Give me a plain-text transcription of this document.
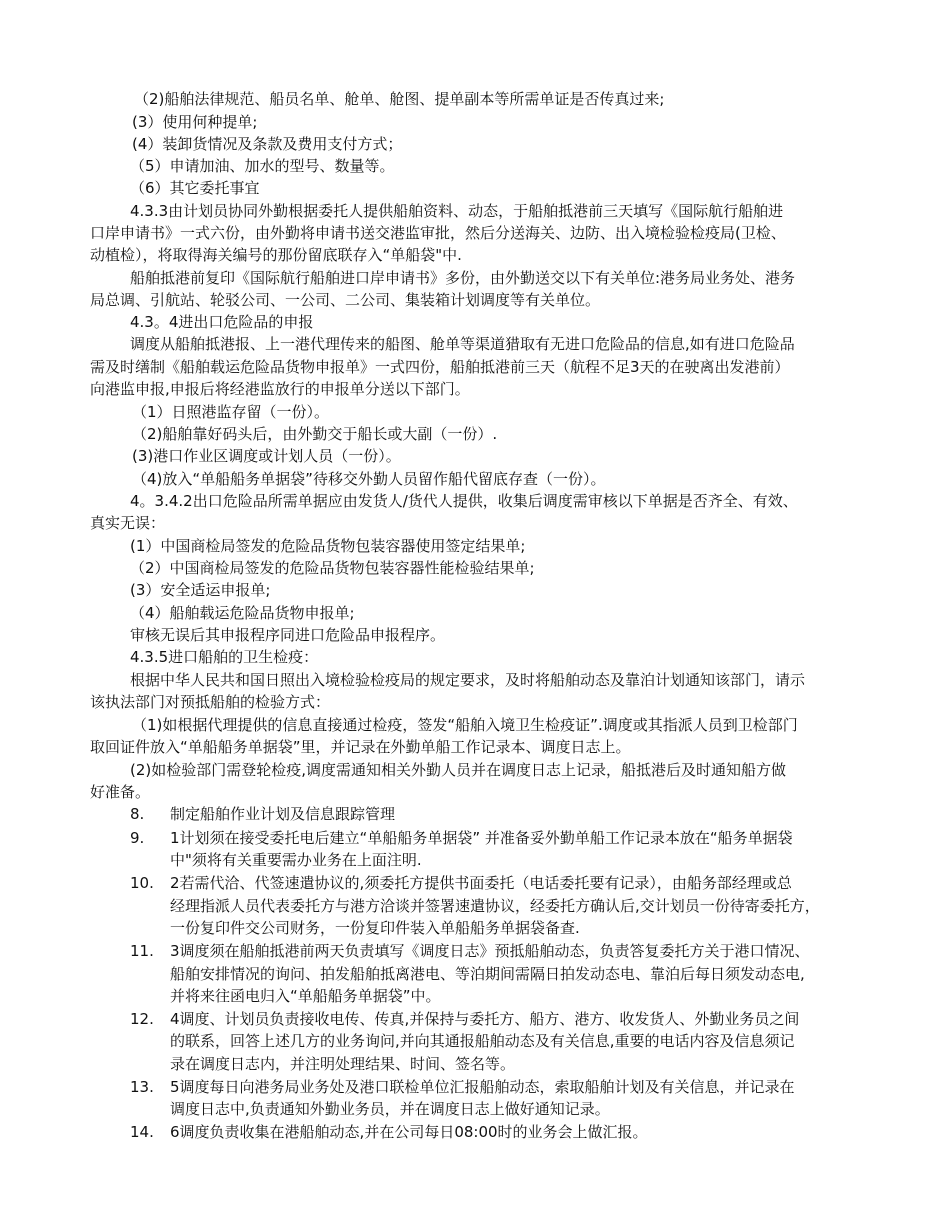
（2)船舶法律规范、船员名单、舱单、舱图、提单副本等所需单证是否传真过来;
(3）使用何种提单;
(4）装卸货情况及条款及费用支付方式；
（5）申请加油、加水的型号、数量等。
（6）其它委托事宜
4.3.3由计划员协同外勤根据委托人提供船舶资料、动态，于船舶抵港前三天填写《国际航行船舶进
口岸申请书》一式六份，由外勤将申请书送交港监审批，然后分送海关、边防、出入境检验检疫局(卫检、
动植检），将取得海关编号的那份留底联存入“单船袋"中.
船舶抵港前复印《国际航行船舶进口岸申请书》多份，由外勤送交以下有关单位:港务局业务处、港务
局总调、引航站、轮驳公司、一公司、二公司、集装箱计划调度等有关单位。
4.3。4进出口危险品的申报
调度从船舶抵港报、上一港代理传来的船图、舱单等渠道猎取有无进口危险品的信息,如有进口危险品
需及时缮制《船舶载运危险品货物申报单》一式四份，船舶抵港前三天（航程不足3天的在驶离出发港前）
向港监申报,申报后将经港监放行的申报单分送以下部门。
（1）日照港监存留（一份）。
（2)船舶靠好码头后，由外勤交于船长或大副（一份）.
(3)港口作业区调度或计划人员（一份）。
（4)放入“单船船务单据袋”待移交外勤人员留作船代留底存查（一份）。
4。3.4.2出口危险品所需单据应由发货人/货代人提供，收集后调度需审核以下单据是否齐全、有效、
真实无误：
(1）中国商检局签发的危险品货物包装容器使用签定结果单;
（2）中国商检局签发的危险品货物包装容器性能检验结果单;
(3）安全适运申报单;
（4）船舶载运危险品货物申报单;
审核无误后其申报程序同进口危险品申报程序。
4.3.5进口船舶的卫生检疫：
根据中华人民共和国日照出入境检验检疫局的规定要求，及时将船舶动态及靠泊计划通知该部门，请示
该执法部门对预抵船舶的检验方式：
（1)如根据代理提供的信息直接通过检疫，签发“船舶入境卫生检疫证”.调度或其指派人员到卫检部门
取回证件放入“单船船务单据袋”里，并记录在外勤单船工作记录本、调度日志上。
(2)如检验部门需登轮检疫,调度需通知相关外勤人员并在调度日志上记录，船抵港后及时通知船方做
好准备。
8. 制定船舶作业计划及信息跟踪管理
9. 1计划须在接受委托电后建立“单船船务单据袋” 并准备妥外勤单船工作记录本放在“船务单据袋
中"须将有关重要需办业务在上面注明.
10. 2若需代洽、代签速遣协议的,须委托方提供书面委托（电话委托要有记录），由船务部经理或总
经理指派人员代表委托方与港方洽谈并签署速遣协议，经委托方确认后,交计划员一份待寄委托方，
一份复印件交公司财务，一份复印件装入单船船务单据袋备查.
11. 3调度须在船舶抵港前两天负责填写《调度日志》预抵船舶动态，负责答复委托方关于港口情况、
船舶安排情况的询问、拍发船舶抵离港电、等泊期间需隔日拍发动态电、靠泊后每日须发动态电,
并将来往函电归入“单船船务单据袋”中。
12. 4调度、计划员负责接收电传、传真,并保持与委托方、船方、港方、收发货人、外勤业务员之间
的联系，回答上述几方的业务询问,并向其通报船舶动态及有关信息,重要的电话内容及信息须记
录在调度日志内，并注明处理结果、时间、签名等。
13. 5调度每日向港务局业务处及港口联检单位汇报船舶动态，索取船舶计划及有关信息，并记录在
调度日志中,负责通知外勤业务员，并在调度日志上做好通知记录。
14. 6调度负责收集在港船舶动态,并在公司每日08:00时的业务会上做汇报。
